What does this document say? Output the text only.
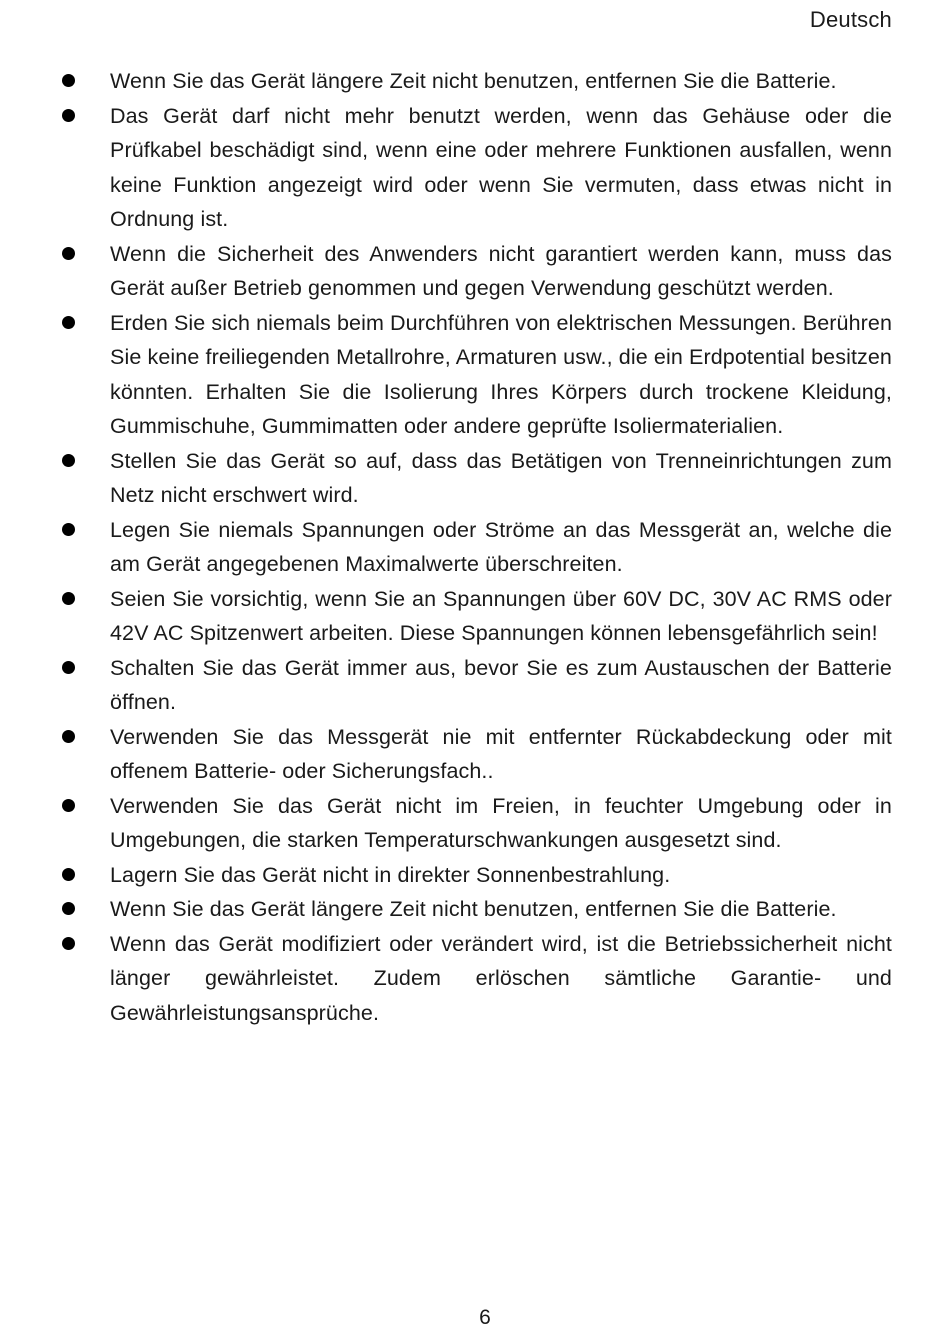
Deutsch
Wenn Sie das Gerät längere Zeit nicht benutzen, entfernen Sie die Batterie.
Das Gerät darf nicht mehr benutzt werden, wenn das Gehäuse oder die Prüfkabel beschädigt sind, wenn eine oder mehrere Funktionen ausfallen, wenn keine Funktion angezeigt wird oder wenn Sie vermuten, dass etwas nicht in Ordnung ist.
Wenn die Sicherheit des Anwenders nicht garantiert werden kann, muss das Gerät außer Betrieb genommen und gegen Verwendung geschützt werden.
Erden Sie sich niemals beim Durchführen von elektrischen Messungen. Berühren Sie keine freiliegenden Metallrohre, Armaturen usw., die ein Erdpotential besitzen könnten. Erhalten Sie die Isolierung Ihres Körpers durch trockene Kleidung, Gummischuhe, Gummimatten oder andere geprüfte Isoliermaterialien.
Stellen Sie das Gerät so auf, dass das Betätigen von Trenneinrichtungen zum Netz nicht erschwert wird.
Legen Sie niemals Spannungen oder Ströme an das Messgerät an, welche die am Gerät angegebenen Maximalwerte überschreiten.
Seien Sie vorsichtig, wenn Sie an Spannungen über 60V DC, 30V AC RMS oder 42V AC Spitzenwert arbeiten. Diese Spannungen können lebensgefährlich sein!
Schalten Sie das Gerät immer aus, bevor Sie es zum Austauschen der Batterie öffnen.
Verwenden Sie das Messgerät nie mit entfernter Rückabdeckung oder mit offenem Batterie- oder Sicherungsfach..
Verwenden Sie das Gerät nicht im Freien, in feuchter Umgebung oder in Umgebungen, die starken Temperaturschwankungen ausgesetzt sind.
Lagern Sie das Gerät nicht in direkter Sonnenbestrahlung.
Wenn Sie das Gerät längere Zeit nicht benutzen, entfernen Sie die Batterie.
Wenn das Gerät modifiziert oder verändert wird, ist die Betriebssicherheit nicht länger gewährleistet. Zudem erlöschen sämtliche Garantie- und Gewährleistungsansprüche.
6
